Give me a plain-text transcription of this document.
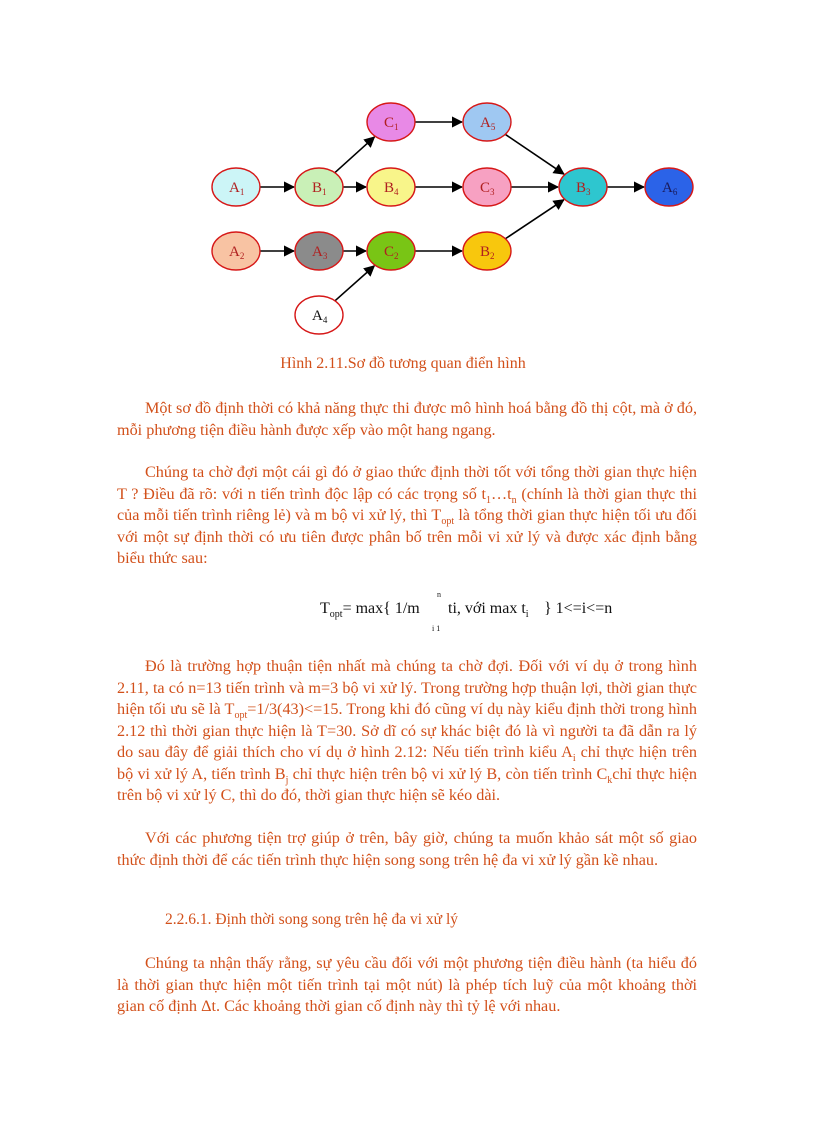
$A_1$	$B_1$
$C_1$
$B_4$
$A_5$
$C_3$	$B_3$	$A_6$
$A_2$	$A_3$	$C_2$	$B_2$
$A_4$
Hình 2.11.Sơ đồ tương quan điển hình

Một sơ đồ định thời có khả năng thực thi được mô hình hoá bằng đồ thị cột, mà ở đó, mỗi phương tiện điều hành được xếp vào một hang ngang.

Chúng ta chờ đợi một cái gì đó ở giao thức định thời tốt với tổng thời gian thực hiện T ? Điều đã rõ: với n tiến trình độc lập có các trọng số $t_1\dots t_n$ (chính là thời gian thực thi của mỗi tiến trình riêng lẻ) và m bộ vi xử lý, thì $T_{opt}$ là tổng thời gian thực hiện tối ưu đối với một sự định thời có ưu tiên được phân bố trên mỗi vi xử lý và được xác định bằng biểu thức sau:

$T_{opt}= \max${ 1/m
n
i 1
ti, với $\max t_i$ } 1<=i<=n

Đó là trường hợp thuận tiện nhất mà chúng ta chờ đợi. Đối với ví dụ ở trong hình 2.11, ta có n=13 tiến trình và m=3 bộ vi xử lý. Trong trường hợp thuận lợi, thời gian thực hiện tối ưu sẽ là $T_{opt}=1/3(43)<=15$. Trong khi đó cũng ví dụ này kiểu định thời trong hình 2.12 thì thời gian thực hiện là T=30. Sở dĩ có sự khác biệt đó là vì người ta đã dẫn ra lý do sau đây để giải thích cho ví dụ ở hình 2.12: Nếu tiến trình kiểu $A_i$ chỉ thực hiện trên bộ vi xử lý A, tiến trình $B_j$ chỉ thực hiện trên bộ vi xử lý B, còn tiến trình $C_kchỉ$ thực hiện trên bộ vi xử lý C, thì do đó, thời gian thực hiện sẽ kéo dài.

Với các phương tiện trợ giúp ở trên, bây giờ, chúng ta muốn khảo sát một số giao thức định thời để các tiến trình thực hiện song song trên hệ đa vi xử lý gần kề nhau.

2.2.6.1. Định thời song song trên hệ đa vi xử lý

Chúng ta nhận thấy rằng, sự yêu cầu đối với một phương tiện điều hành (ta hiểu đó là thời gian thực hiện một tiến trình tại một nút) là phép tích luỹ của một khoảng thời gian cố định Δt. Các khoảng thời gian cố định này thì tỷ lệ với nhau.
